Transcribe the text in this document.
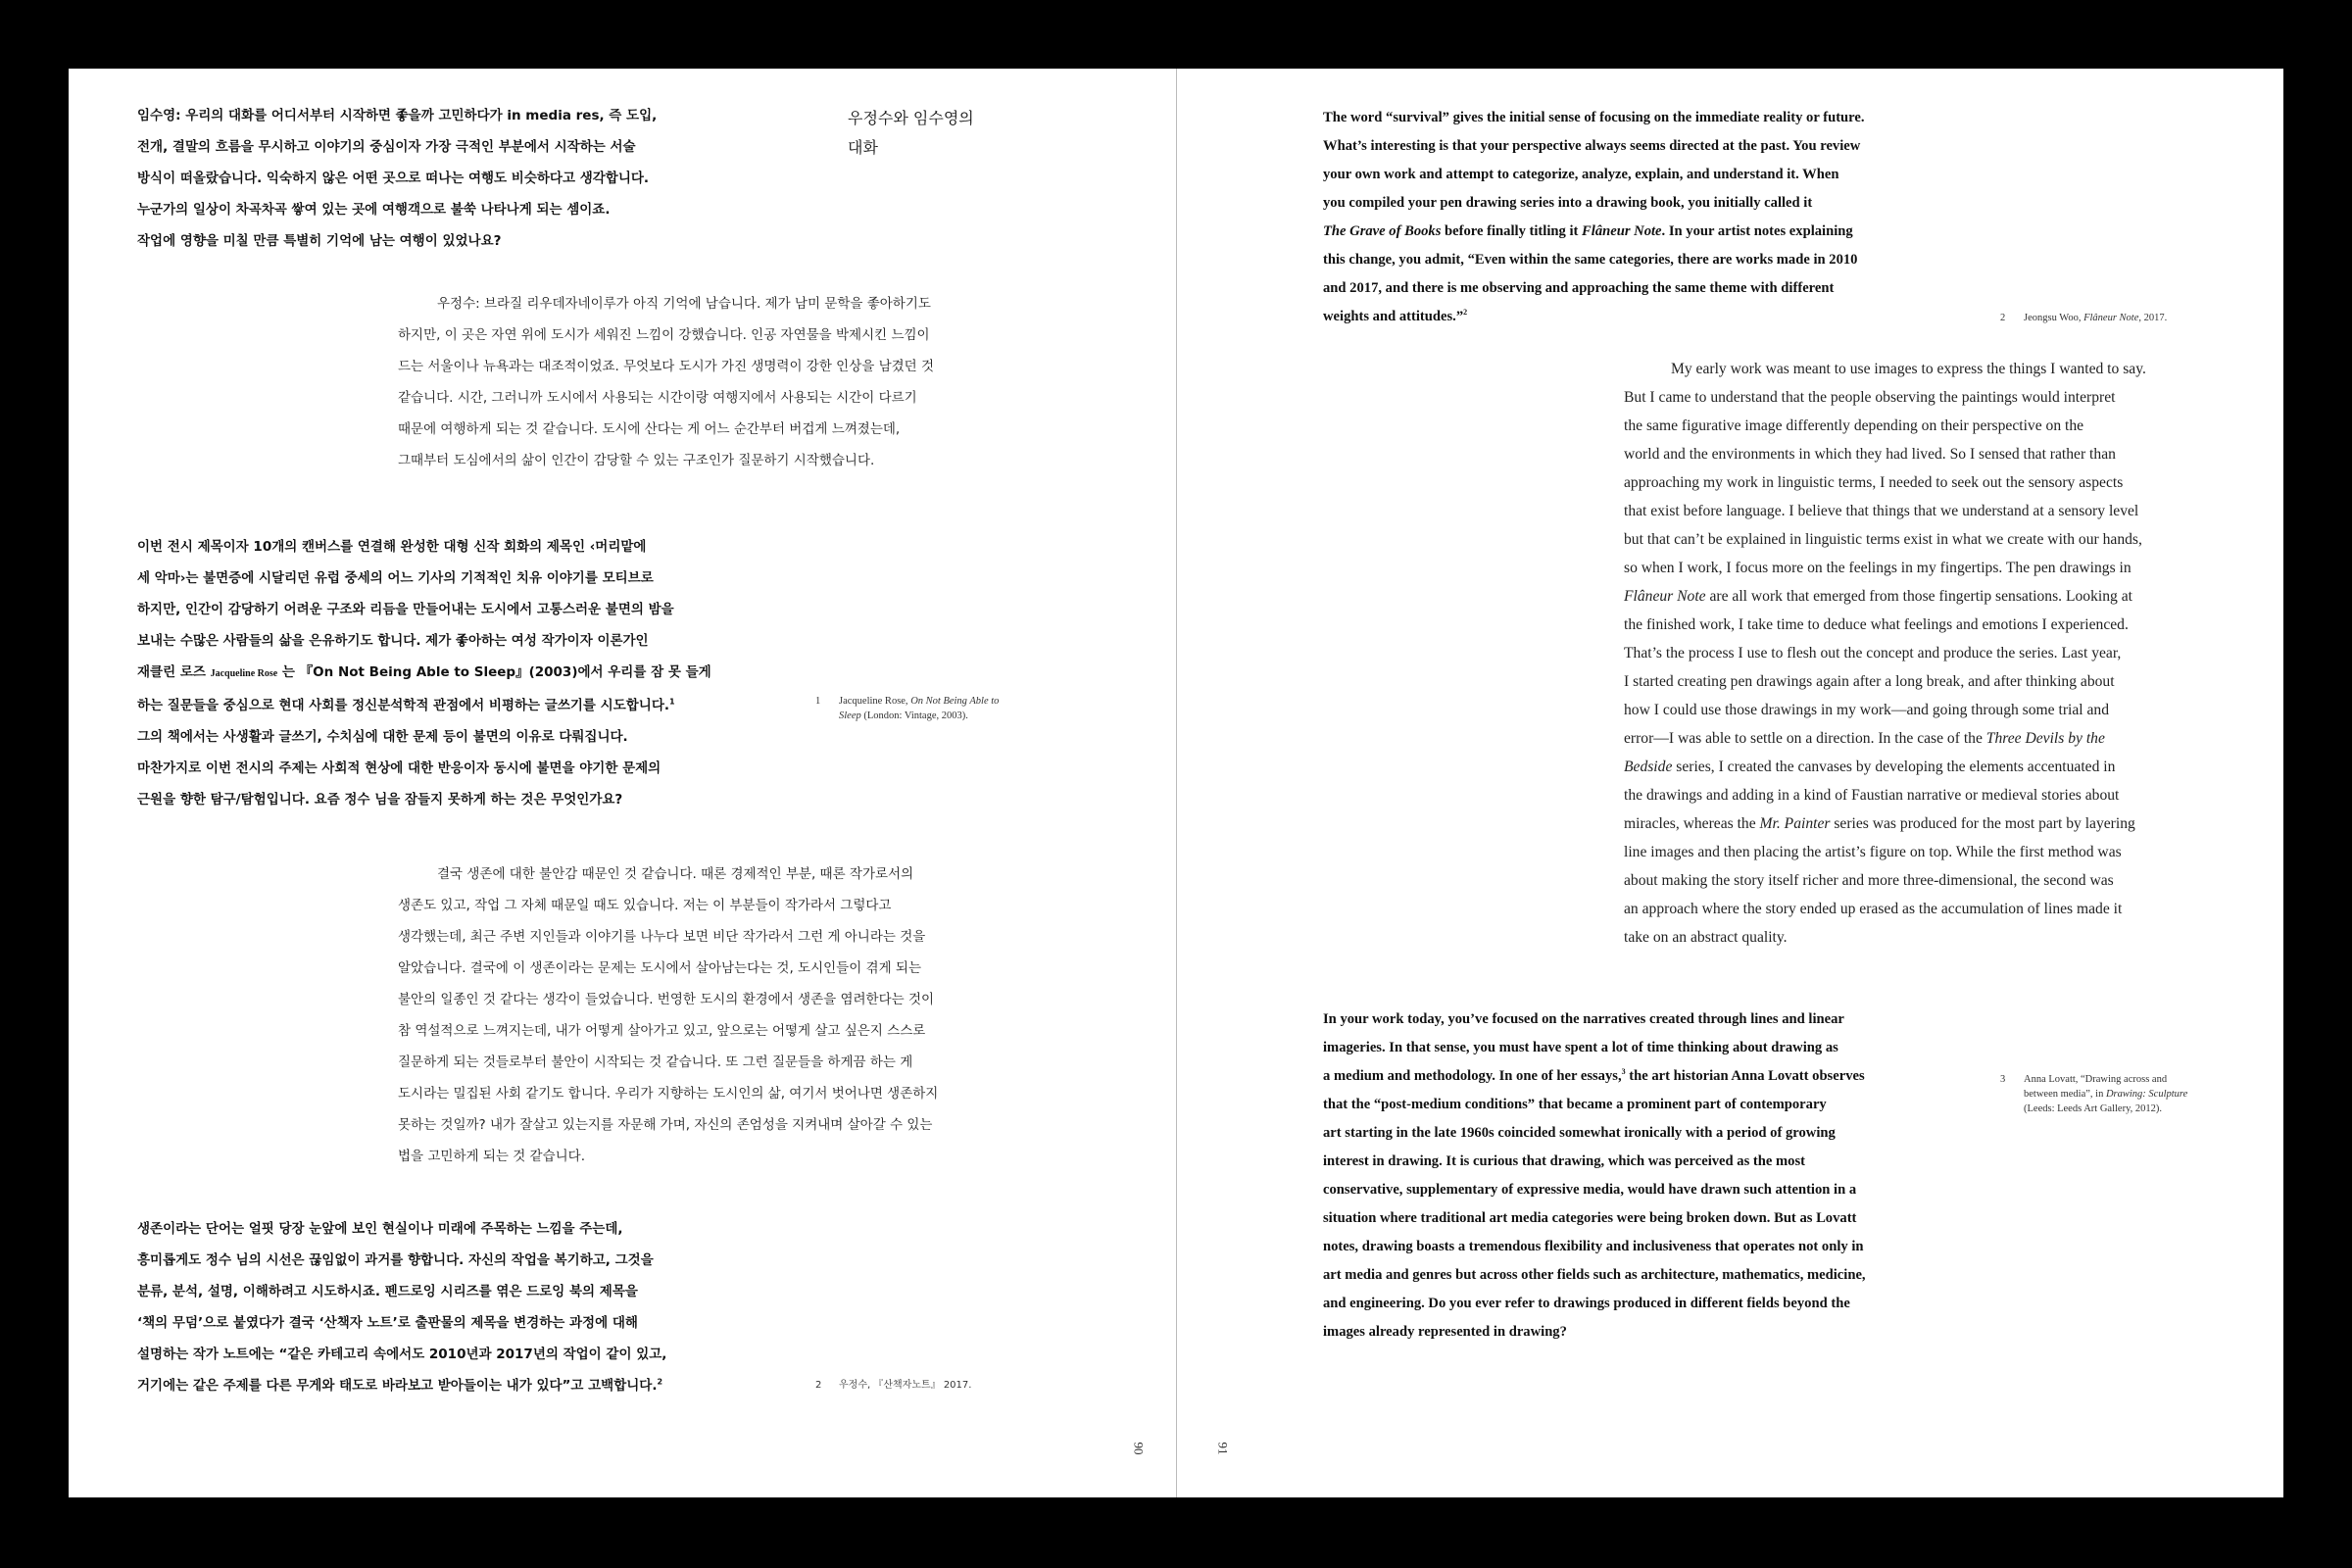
임수영: 우리의 대화를 어디서부터 시작하면 좋을까 고민하다가 in media res, 즉 도입,
전개, 결말의 흐름을 무시하고 이야기의 중심이자 가장 극적인 부분에서 시작하는 서술
방식이 떠올랐습니다. 익숙하지 않은 어떤 곳으로 떠나는 여행도 비슷하다고 생각합니다.
누군가의 일상이 차곡차곡 쌓여 있는 곳에 여행객으로 불쑥 나타나게 되는 셈이죠.
작업에 영향을 미칠 만큼 특별히 기억에 남는 여행이 있었나요?
우정수와 임수영의
대화
우정수: 브라질 리우데자네이루가 아직 기억에 남습니다. 제가 남미 문학을 좋아하기도
하지만, 이 곳은 자연 위에 도시가 세워진 느낌이 강했습니다. 인공 자연물을 박제시킨 느낌이
드는 서울이나 뉴욕과는 대조적이었죠. 무엇보다 도시가 가진 생명력이 강한 인상을 남겼던 것
같습니다. 시간, 그러니까 도시에서 사용되는 시간이랑 여행지에서 사용되는 시간이 다르기
때문에 여행하게 되는 것 같습니다. 도시에 산다는 게 어느 순간부터 버겁게 느껴졌는데,
그때부터 도심에서의 삶이 인간이 감당할 수 있는 구조인가 질문하기 시작했습니다.
이번 전시 제목이자 10개의 캔버스를 연결해 완성한 대형 신작 회화의 제목인 ‹머리맡에
세 악마›는 불면증에 시달리던 유럽 중세의 어느 기사의 기적적인 치유 이야기를 모티브로
하지만, 인간이 감당하기 어려운 구조와 리듬을 만들어내는 도시에서 고통스러운 불면의 밤을
보내는 수많은 사람들의 삶을 은유하기도 합니다. 제가 좋아하는 여성 작가이자 이론가인
재클린 로즈 Jacqueline Rose 는 『On Not Being Able to Sleep』(2003)에서 우리를 잠 못 들게
하는 질문들을 중심으로 현대 사회를 정신분석학적 관점에서 비평하는 글쓰기를 시도합니다.$^1$
그의 책에서는 사생활과 글쓰기, 수치심에 대한 문제 등이 불면의 이유로 다뤄집니다.
마찬가지로 이번 전시의 주제는 사회적 현상에 대한 반응이자 동시에 불면을 야기한 문제의
근원을 향한 탐구/탐험입니다. 요즘 정수 님을 잠들지 못하게 하는 것은 무엇인가요?
1 Jacqueline Rose, On Not Being Able to Sleep (London: Vintage, 2003).
결국 생존에 대한 불안감 때문인 것 같습니다. 때론 경제적인 부분, 때론 작가로서의
생존도 있고, 작업 그 자체 때문일 때도 있습니다. 저는 이 부분들이 작가라서 그렇다고
생각했는데, 최근 주변 지인들과 이야기를 나누다 보면 비단 작가라서 그런 게 아니라는 것을
알았습니다. 결국에 이 생존이라는 문제는 도시에서 살아남는다는 것, 도시인들이 겪게 되는
불안의 일종인 것 같다는 생각이 들었습니다. 번영한 도시의 환경에서 생존을 염려한다는 것이
참 역설적으로 느껴지는데, 내가 어떻게 살아가고 있고, 앞으로는 어떻게 살고 싶은지 스스로
질문하게 되는 것들로부터 불안이 시작되는 것 같습니다. 또 그런 질문들을 하게끔 하는 게
도시라는 밀집된 사회 같기도 합니다. 우리가 지향하는 도시인의 삶, 여기서 벗어나면 생존하지
못하는 것일까? 내가 잘살고 있는지를 자문해 가며, 자신의 존엄성을 지켜내며 살아갈 수 있는
법을 고민하게 되는 것 같습니다.
생존이라는 단어는 얼핏 당장 눈앞에 보인 현실이나 미래에 주목하는 느낌을 주는데,
흥미롭게도 정수 님의 시선은 끊임없이 과거를 향합니다. 자신의 작업을 복기하고, 그것을
분류, 분석, 설명, 이해하려고 시도하시죠. 펜드로잉 시리즈를 엮은 드로잉 북의 제목을
‘책의 무덤’으로 붙였다가 결국 ‘산책자 노트’로 출판물의 제목을 변경하는 과정에 대해
설명하는 작가 노트에는 “같은 카테고리 속에서도 2010년과 2017년의 작업이 같이 있고,
거기에는 같은 주제를 다른 무게와 태도로 바라보고 받아들이는 내가 있다”고 고백합니다.$^2$	2 우정수, 『산책자노트』 2017.
90
The word “survival” gives the initial sense of focusing on the immediate reality or future.
What’s interesting is that your perspective always seems directed at the past. You review
your own work and attempt to categorize, analyze, explain, and understand it. When
you compiled your pen drawing series into a drawing book, you initially called it
The Grave of Books before finally titling it Flâneur Note. In your artist notes explaining
this change, you admit, “Even within the same categories, there are works made in 2010
and 2017, and there is me observing and approaching the same theme with different
weights and attitudes.”$^2$
2 Jeongsu Woo, Flâneur Note, 2017.
My early work was meant to use images to express the things I wanted to say.
But I came to understand that the people observing the paintings would interpret
the same figurative image differently depending on their perspective on the
world and the environments in which they had lived. So I sensed that rather than
approaching my work in linguistic terms, I needed to seek out the sensory aspects
that exist before language. I believe that things that we understand at a sensory level
but that can’t be explained in linguistic terms exist in what we create with our hands,
so when I work, I focus more on the feelings in my fingertips. The pen drawings in
Flâneur Note are all work that emerged from those fingertip sensations. Looking at
the finished work, I take time to deduce what feelings and emotions I experienced.
That’s the process I use to flesh out the concept and produce the series. Last year,
I started creating pen drawings again after a long break, and after thinking about
how I could use those drawings in my work—and going through some trial and
error—I was able to settle on a direction. In the case of the Three Devils by the
Bedside series, I created the canvases by developing the elements accentuated in
the drawings and adding in a kind of Faustian narrative or medieval stories about
miracles, whereas the Mr. Painter series was produced for the most part by layering
line images and then placing the artist’s figure on top. While the first method was
about making the story itself richer and more three-dimensional, the second was
an approach where the story ended up erased as the accumulation of lines made it
take on an abstract quality.
In your work today, you’ve focused on the narratives created through lines and linear
imageries. In that sense, you must have spent a lot of time thinking about drawing as
a medium and methodology. In one of her essays,$^3$ the art historian Anna Lovatt observes
that the “post-medium conditions” that became a prominent part of contemporary
art starting in the late 1960s coincided somewhat ironically with a period of growing
interest in drawing. It is curious that drawing, which was perceived as the most
conservative, supplementary of expressive media, would have drawn such attention in a
situation where traditional art media categories were being broken down. But as Lovatt
notes, drawing boasts a tremendous flexibility and inclusiveness that operates not only in
art media and genres but across other fields such as architecture, mathematics, medicine,
and engineering. Do you ever refer to drawings produced in different fields beyond the
images already represented in drawing?
3 Anna Lovatt, “Drawing across and
between media”, in Drawing: Sculpture
(Leeds: Leeds Art Gallery, 2012).
91
